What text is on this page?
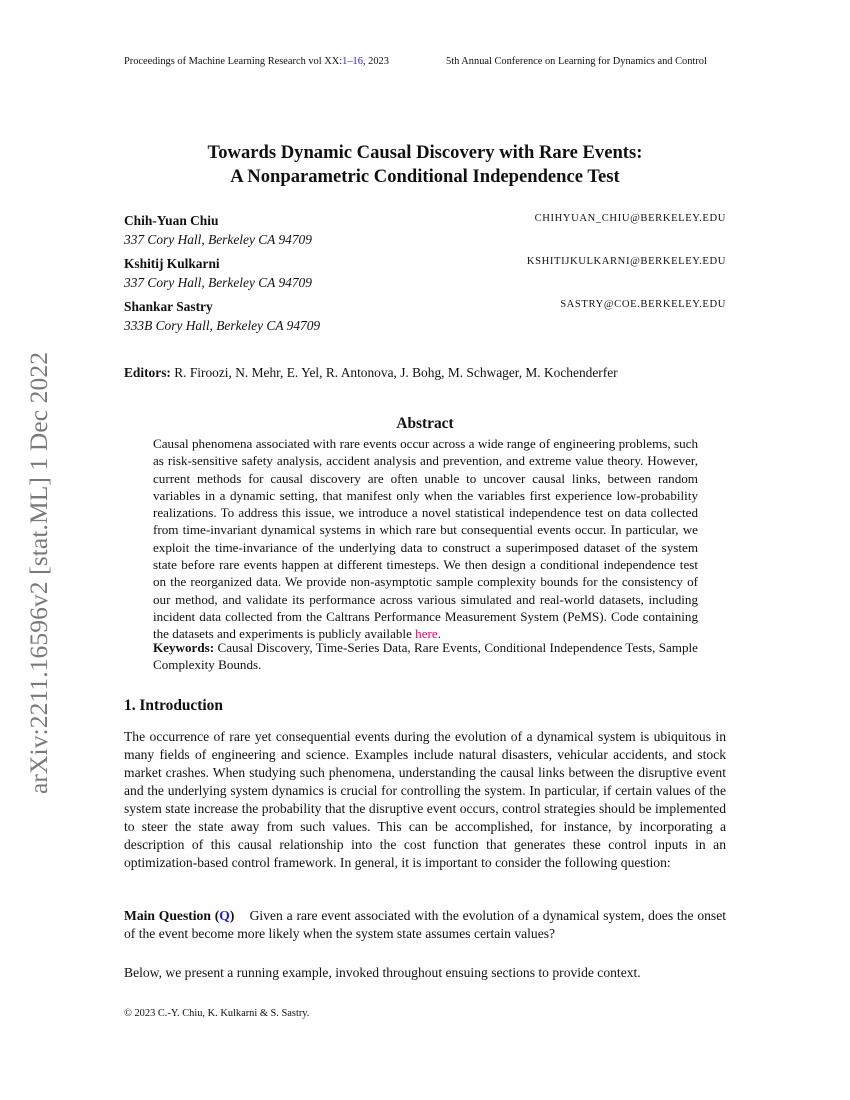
Proceedings of Machine Learning Research vol XX:1–16, 2023	5th Annual Conference on Learning for Dynamics and Control
arXiv:2211.16596v2 [stat.ML] 1 Dec 2022
Towards Dynamic Causal Discovery with Rare Events:
A Nonparametric Conditional Independence Test
Chih-Yuan Chiu
337 Cory Hall, Berkeley CA 94709
CHIHYUAN_CHIU@BERKELEY.EDU
Kshitij Kulkarni
337 Cory Hall, Berkeley CA 94709
KSHITIJKULKARNI@BERKELEY.EDU
Shankar Sastry
333B Cory Hall, Berkeley CA 94709
SASTRY@COE.BERKELEY.EDU
Editors: R. Firoozi, N. Mehr, E. Yel, R. Antonova, J. Bohg, M. Schwager, M. Kochenderfer
Abstract

Causal phenomena associated with rare events occur across a wide range of engineering problems, such as risk-sensitive safety analysis, accident analysis and prevention, and extreme value theory. However, current methods for causal discovery are often unable to uncover causal links, between random variables in a dynamic setting, that manifest only when the variables first experience low-probability realizations. To address this issue, we introduce a novel statistical independence test on data collected from time-invariant dynamical systems in which rare but consequential events occur. In particular, we exploit the time-invariance of the underlying data to construct a superimposed dataset of the system state before rare events happen at different timesteps. We then design a conditional independence test on the reorganized data. We provide non-asymptotic sample complexity bounds for the consistency of our method, and validate its performance across various simulated and real-world datasets, including incident data collected from the Caltrans Performance Measurement System (PeMS). Code containing the datasets and experiments is publicly available here.

Keywords: Causal Discovery, Time-Series Data, Rare Events, Conditional Independence Tests, Sample Complexity Bounds.
1. Introduction

The occurrence of rare yet consequential events during the evolution of a dynamical system is ubiquitous in many fields of engineering and science. Examples include natural disasters, vehicular accidents, and stock market crashes. When studying such phenomena, understanding the causal links between the disruptive event and the underlying system dynamics is crucial for controlling the system. In particular, if certain values of the system state increase the probability that the disruptive event occurs, control strategies should be implemented to steer the state away from such values. This can be accomplished, for instance, by incorporating a description of this causal relationship into the cost function that generates these control inputs in an optimization-based control framework. In general, it is important to consider the following question:

Main Question (Q) Given a rare event associated with the evolution of a dynamical system, does the onset of the event become more likely when the system state assumes certain values?

Below, we present a running example, invoked throughout ensuing sections to provide context.

© 2023 C.-Y. Chiu, K. Kulkarni & S. Sastry.
